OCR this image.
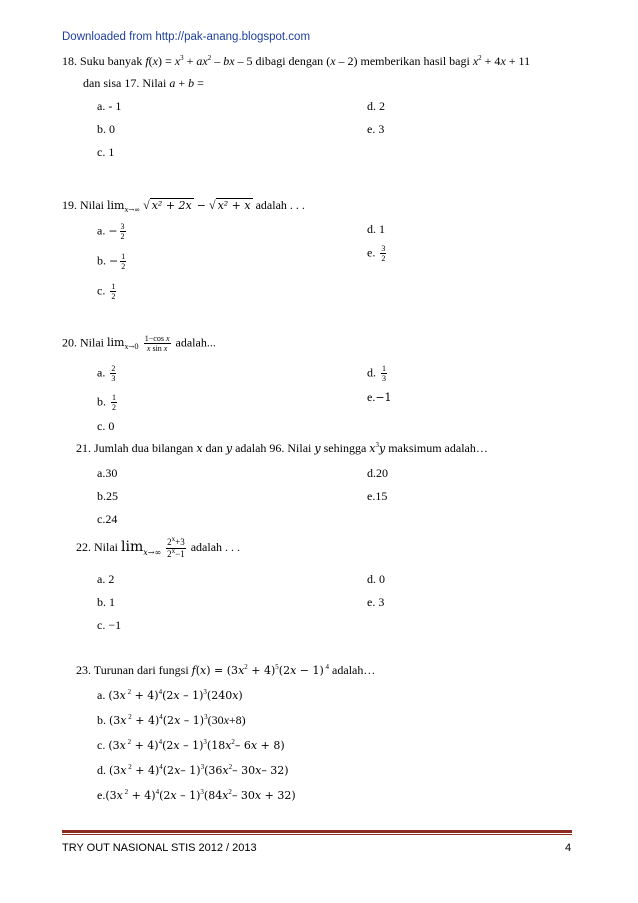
Downloaded from http://pak-anang.blogspot.com
18. Suku banyak $f(x) = x^3 + ax^2$ – bx – 5 dibagi dengan (x – 2) memberikan hasil bagi $x^2 + 4x + 11$
dan sisa 17. Nilai a + b =
a. - 1
b. 0
c. 1
d. 2
e. 3
19. Nilai $\lim_{x\to\infty}$ √ x² + 2x − √ x² + x adalah . . .
a. − $\frac{3}{2}$
b. − $\frac{1}{2}$
c. $\frac{1}{2}$
d. 1
e. $\frac{3}{2}$
20. Nilai $\lim_{x\to 0} \frac{\text{1−cos x}}{\text{x sin x}}$ adalah...
a. $\frac{2}{3}$
b. $\frac{1}{2}$
c. 0
d. $\frac{1}{3}$
e.−1
21. Jumlah dua bilangan x dan y adalah 96. Nilai y sehingga $x^3y$ maksimum adalah…
a.30
b.25
c.24
d.20
e.15
22. Nilai $\lim_{x\to\infty} \frac{2^x+3}{2^x-1}$ adalah . . .
a. 2
b. 1
c. −1
d. 0
e. 3
23. Turunan dari fungsi $f(x) = (3x^2 + 4)^5(2x - 1)$ $^4$ adalah…
a. (3x $^2$ + 4)$^4$(2x – 1)$^3$(240x)
b. (3x $^2$ + 4)$^4$(2x – 1)$^3$(30x+8)
c. (3x $^2 + 4)^4(2x - 1)^3(18x^2-$ 6x + 8)
d. (3x $^2$ + 4)$^4$(2x– $1)^3(36x^2-$ 30x– 32)
e.(3x $^2 + 4)^4(2x - 1)^3(84x^2-$ 30x + 32)
TRY OUT NASIONAL STIS 2012 / 2013	4
